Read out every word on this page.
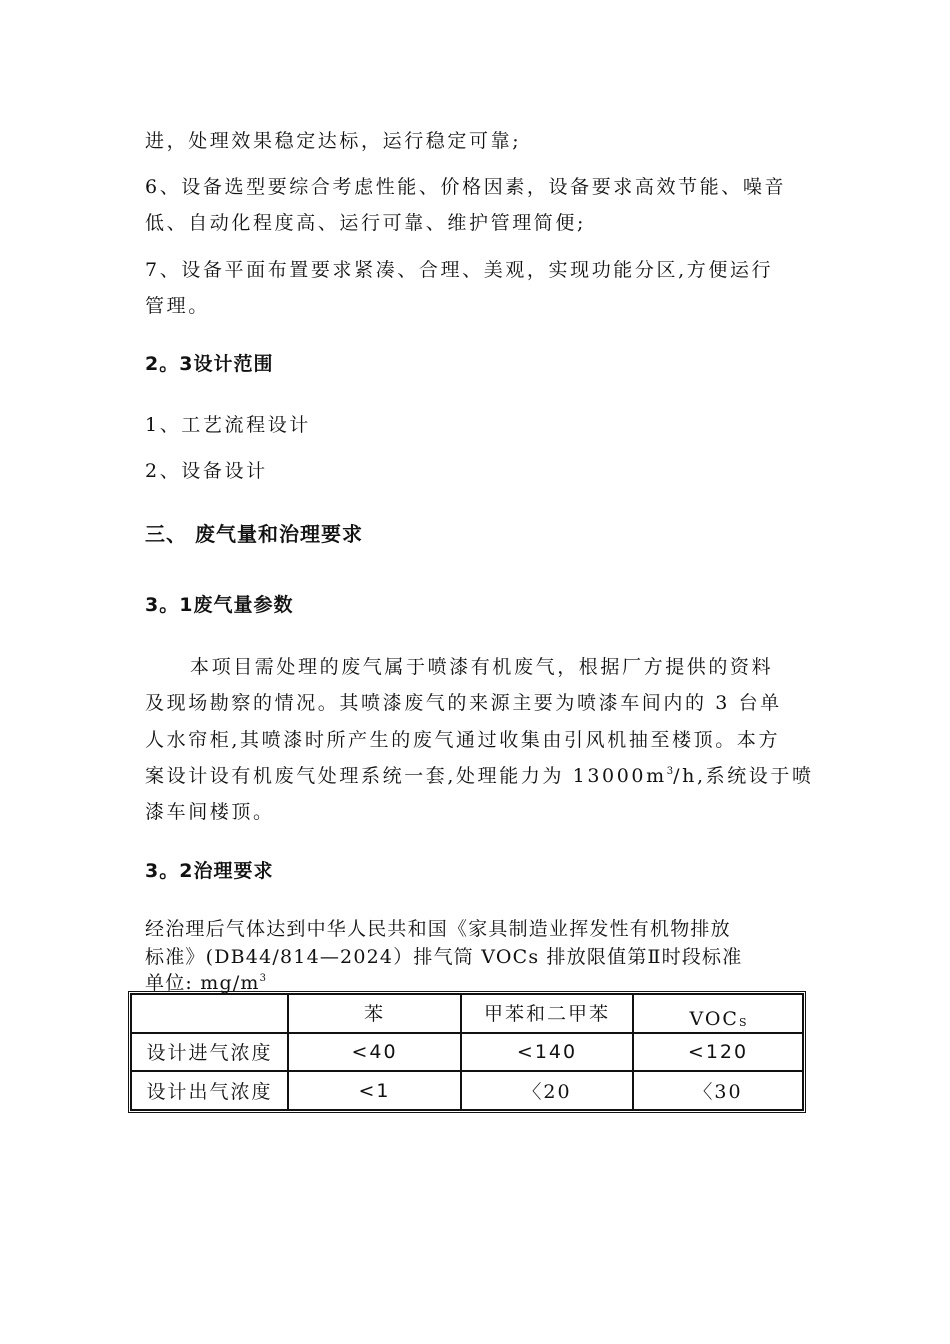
进，处理效果稳定达标，运行稳定可靠;
6、设备选型要综合考虑性能、价格因素，设备要求高效节能、噪音
低、自动化程度高、运行可靠、维护管理简便;
7、设备平面布置要求紧凑、合理、美观，实现功能分区,方便运行
管理。
2。3设计范围
1、工艺流程设计
2、设备设计
三、 废气量和治理要求
3。1废气量参数
本项目需处理的废气属于喷漆有机废气，根据厂方提供的资料
及现场勘察的情况。其喷漆废气的来源主要为喷漆车间内的 3 台单
人水帘柜,其喷漆时所产生的废气通过收集由引风机抽至楼顶。本方
案设计设有机废气处理系统一套,处理能力为 $13000m^3/h$,系统设于喷
漆车间楼顶。
3。2治理要求
经治理后气体达到中华人民共和国《家具制造业挥发性有机物排放
标准》(DB44/814—2024）排气筒 VOCs 排放限值第Ⅱ时段标准
单位: $mg/m^3$
	苯	甲苯和二甲苯	$VOC_S$
设计进气浓度	<40	<140	<120
设计出气浓度	<1	〈20	〈30
